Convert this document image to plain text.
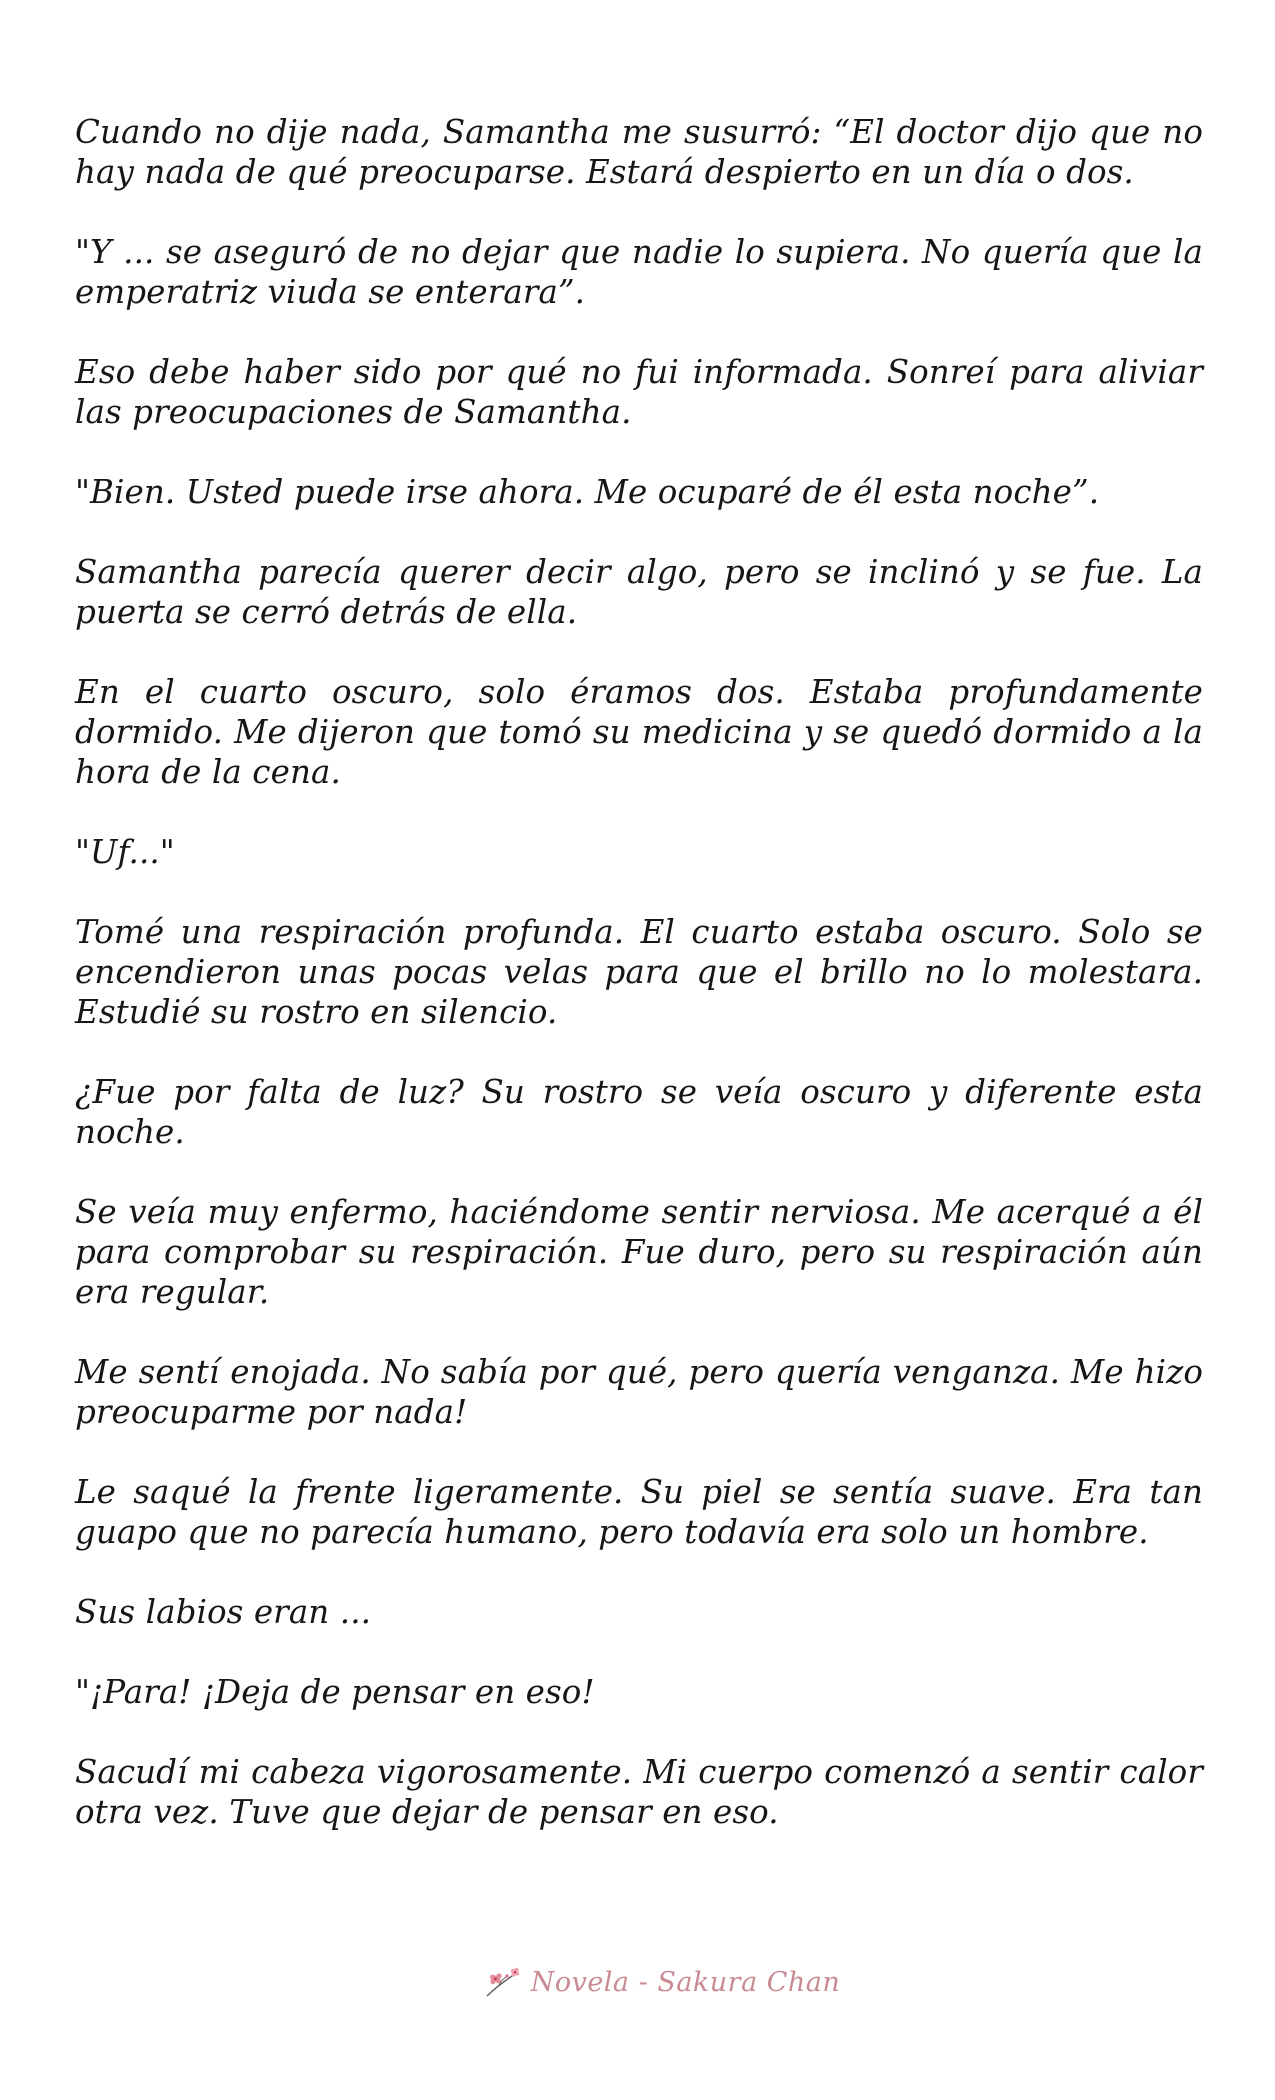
Cuando no dije nada, Samantha me susurró: “El doctor dijo que no hay nada de qué preocuparse. Estará despierto en un día o dos.

"Y ... se aseguró de no dejar que nadie lo supiera. No quería que la emperatriz viuda se enterara”.

Eso debe haber sido por qué no fui informada. Sonreí para aliviar las preocupaciones de Samantha.

"Bien. Usted puede irse ahora. Me ocuparé de él esta noche”.

Samantha parecía querer decir algo, pero se inclinó y se fue. La puerta se cerró detrás de ella.

En el cuarto oscuro, solo éramos dos. Estaba profundamente dormido. Me dijeron que tomó su medicina y se quedó dormido a la hora de la cena.

"Uf..."

Tomé una respiración profunda. El cuarto estaba oscuro. Solo se encendieron unas pocas velas para que el brillo no lo molestara. Estudié su rostro en silencio.

¿Fue por falta de luz? Su rostro se veía oscuro y diferente esta noche.

Se veía muy enfermo, haciéndome sentir nerviosa. Me acerqué a él para comprobar su respiración. Fue duro, pero su respiración aún era regular.

Me sentí enojada. No sabía por qué, pero quería venganza. Me hizo preocuparme por nada!

Le saqué la frente ligeramente. Su piel se sentía suave. Era tan guapo que no parecía humano, pero todavía era solo un hombre.

Sus labios eran ...

"¡Para! ¡Deja de pensar en eso!

Sacudí mi cabeza vigorosamente. Mi cuerpo comenzó a sentir calor otra vez. Tuve que dejar de pensar en eso.

Novela - Sakura Chan
